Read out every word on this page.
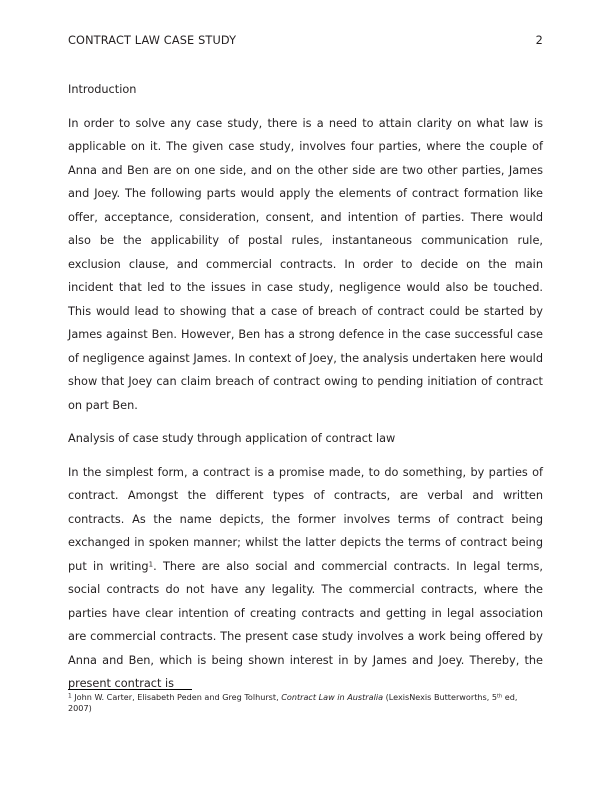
CONTRACT LAW CASE STUDY	2

Introduction

In order to solve any case study, there is a need to attain clarity on what law is applicable on it. The given case study, involves four parties, where the couple of Anna and Ben are on one side, and on the other side are two other parties, James and Joey. The following parts would apply the elements of contract formation like offer, acceptance, consideration, consent, and intention of parties. There would also be the applicability of postal rules, instantaneous communication rule, exclusion clause, and commercial contracts. In order to decide on the main incident that led to the issues in case study, negligence would also be touched. This would lead to showing that a case of breach of contract could be started by James against Ben. However, Ben has a strong defence in the case successful case of negligence against James. In context of Joey, the analysis undertaken here would show that Joey can claim breach of contract owing to pending initiation of contract on part Ben.

Analysis of case study through application of contract law

In the simplest form, a contract is a promise made, to do something, by parties of contract. Amongst the different types of contracts, are verbal and written contracts. As the name depicts, the former involves terms of contract being exchanged in spoken manner; whilst the latter depicts the terms of contract being put in writing$^1$. There are also social and commercial contracts. In legal terms, social contracts do not have any legality. The commercial contracts, where the parties have clear intention of creating contracts and getting in legal association are commercial contracts. The present case study involves a work being offered by Anna and Ben, which is being shown interest in by James and Joey. Thereby, the present contract is

$^1$ John W. Carter, Elisabeth Peden and Greg Tolhurst, Contract Law in Australia (LexisNexis Butterworths, 5th ed, 2007)
